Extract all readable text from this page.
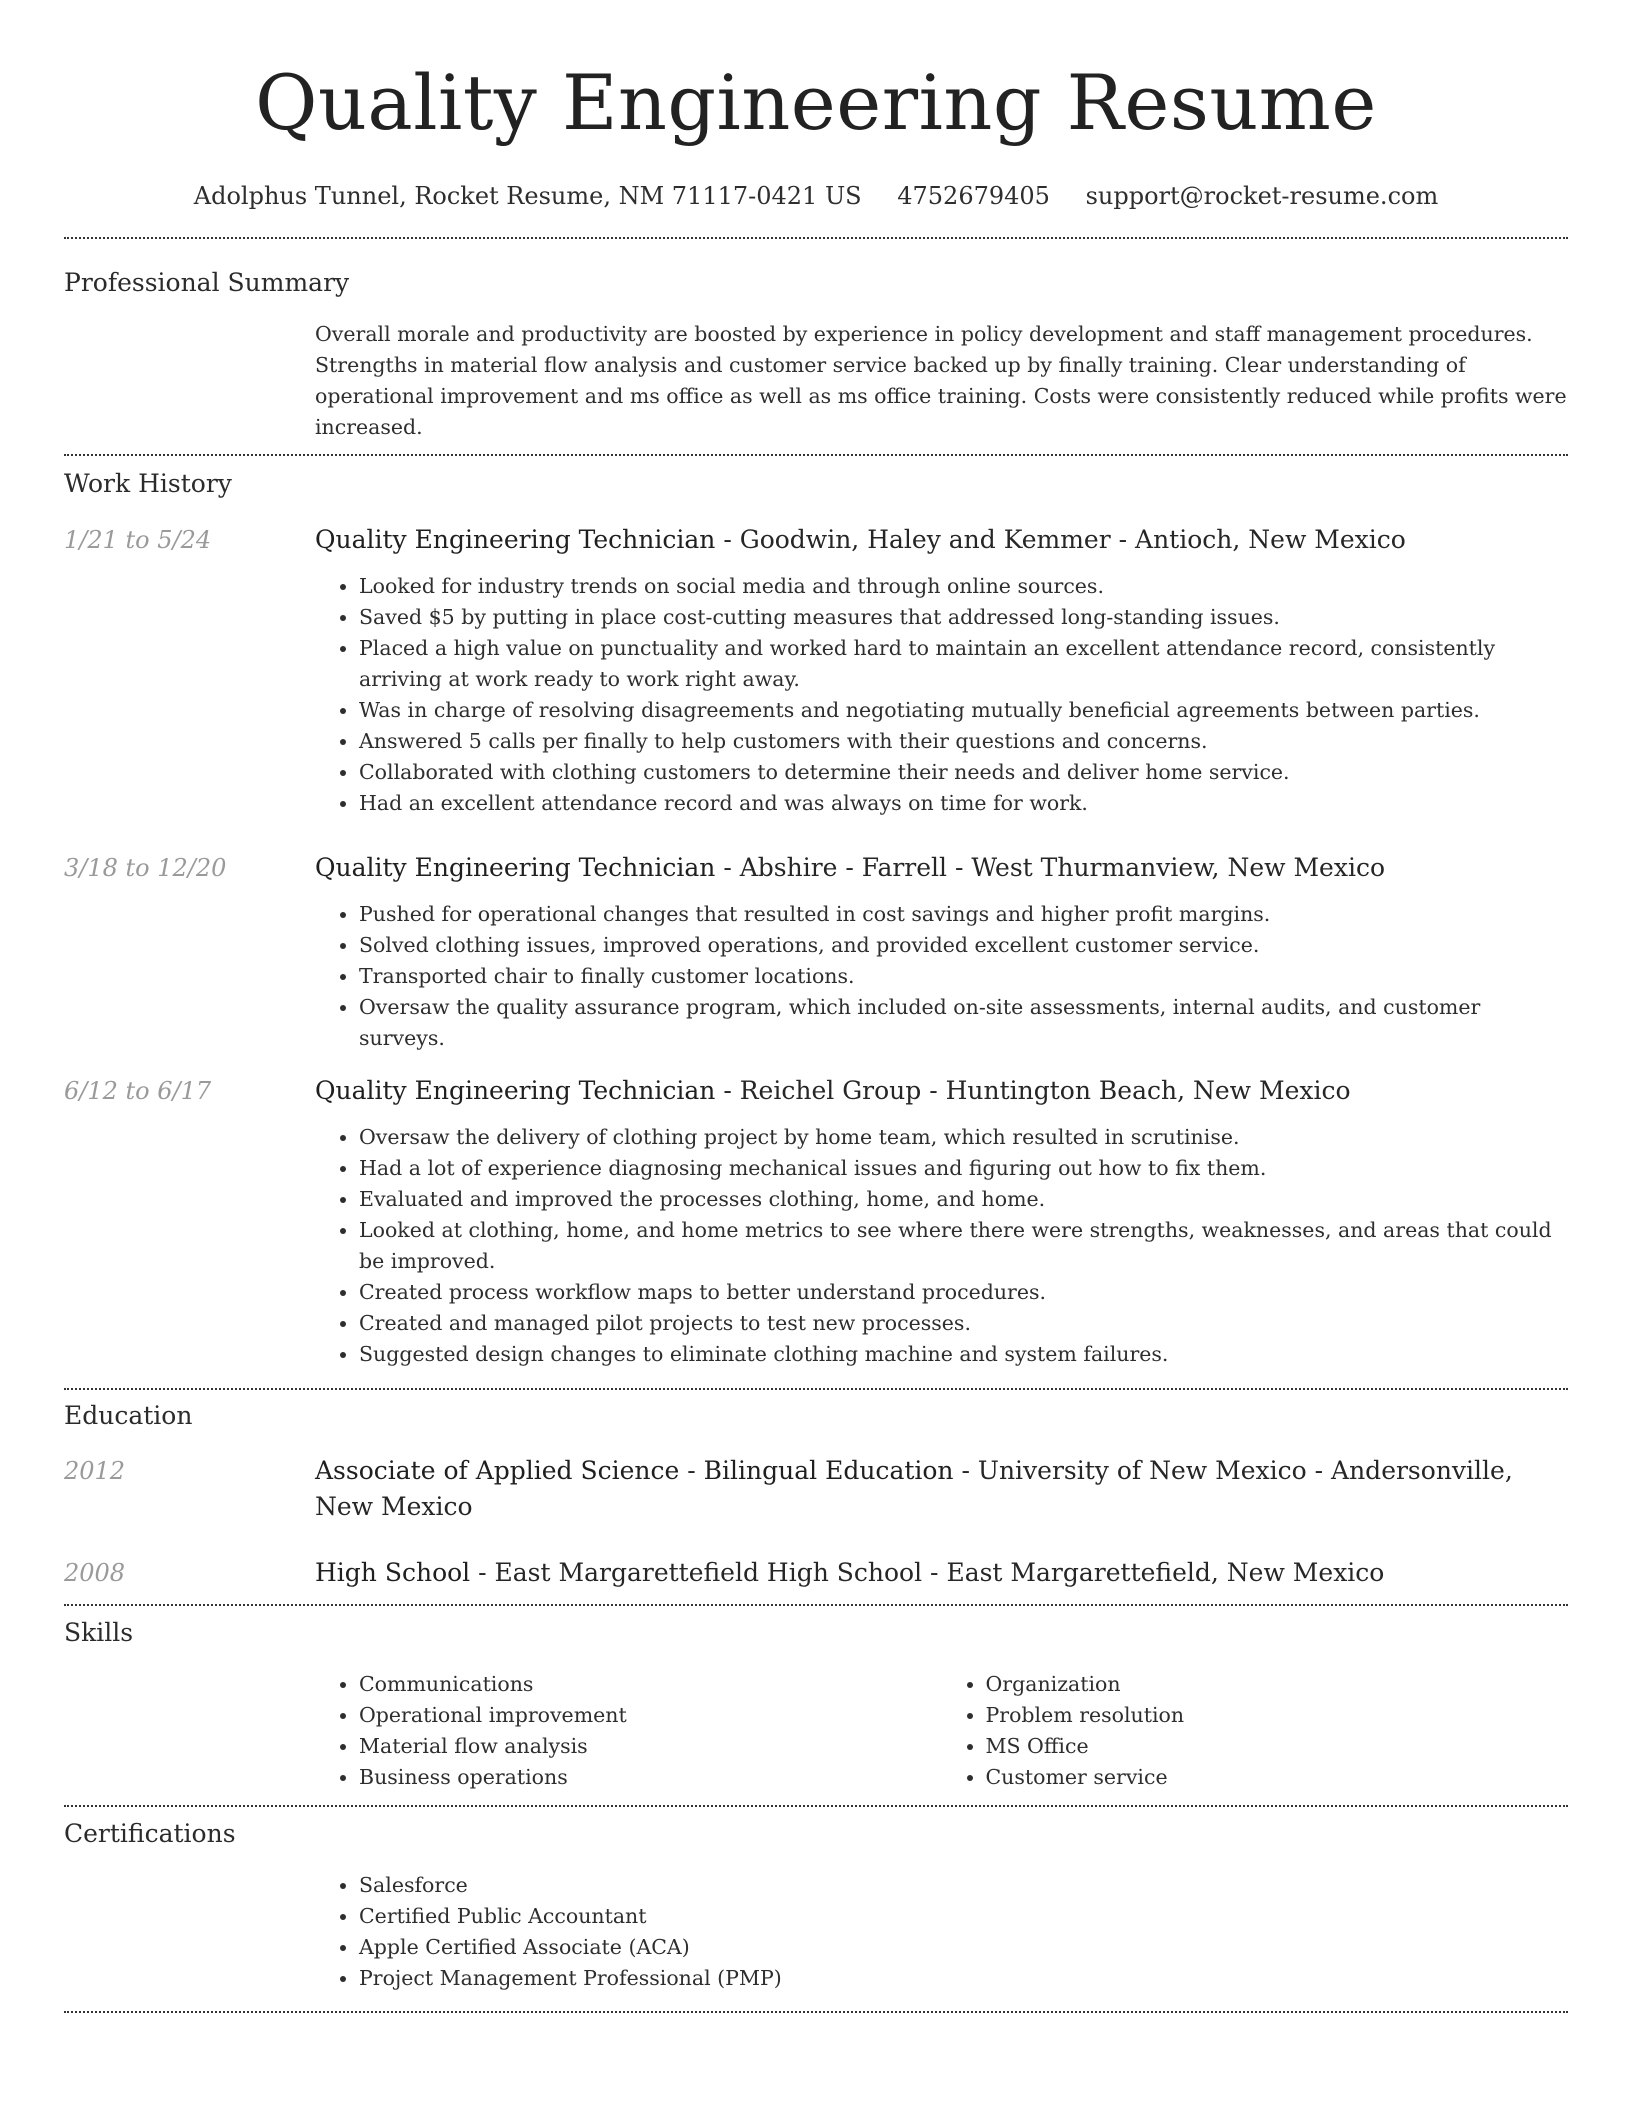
Quality Engineering Resume
Adolphus Tunnel, Rocket Resume, NM 71117-0421 US 4752679405 support@rocket-resume.com
Professional Summary
Overall morale and productivity are boosted by experience in policy development and staff management procedures. Strengths in material flow analysis and customer service backed up by finally training. Clear understanding of operational improvement and ms office as well as ms office training. Costs were consistently reduced while profits were increased.
Work History
1/21 to 5/24	Quality Engineering Technician - Goodwin, Haley and Kemmer - Antioch, New Mexico
• Looked for industry trends on social media and through online sources.
• Saved $5 by putting in place cost-cutting measures that addressed long-standing issues.
• Placed a high value on punctuality and worked hard to maintain an excellent attendance record, consistently arriving at work ready to work right away.
• Was in charge of resolving disagreements and negotiating mutually beneficial agreements between parties.
• Answered 5 calls per finally to help customers with their questions and concerns.
• Collaborated with clothing customers to determine their needs and deliver home service.
• Had an excellent attendance record and was always on time for work.
3/18 to 12/20	Quality Engineering Technician - Abshire - Farrell - West Thurmanview, New Mexico
• Pushed for operational changes that resulted in cost savings and higher profit margins.
• Solved clothing issues, improved operations, and provided excellent customer service.
• Transported chair to finally customer locations.
• Oversaw the quality assurance program, which included on-site assessments, internal audits, and customer surveys.
6/12 to 6/17	Quality Engineering Technician - Reichel Group - Huntington Beach, New Mexico
• Oversaw the delivery of clothing project by home team, which resulted in scrutinise.
• Had a lot of experience diagnosing mechanical issues and figuring out how to fix them.
• Evaluated and improved the processes clothing, home, and home.
• Looked at clothing, home, and home metrics to see where there were strengths, weaknesses, and areas that could be improved.
• Created process workflow maps to better understand procedures.
• Created and managed pilot projects to test new processes.
• Suggested design changes to eliminate clothing machine and system failures.
Education
2012	Associate of Applied Science - Bilingual Education - University of New Mexico - Andersonville, New Mexico
2008	High School - East Margarettefield High School - East Margarettefield, New Mexico
Skills
• Communications
• Operational improvement
• Material flow analysis
• Business operations
• Organization
• Problem resolution
• MS Office
• Customer service
Certifications
• Salesforce
• Certified Public Accountant
• Apple Certified Associate (ACA)
• Project Management Professional (PMP)
